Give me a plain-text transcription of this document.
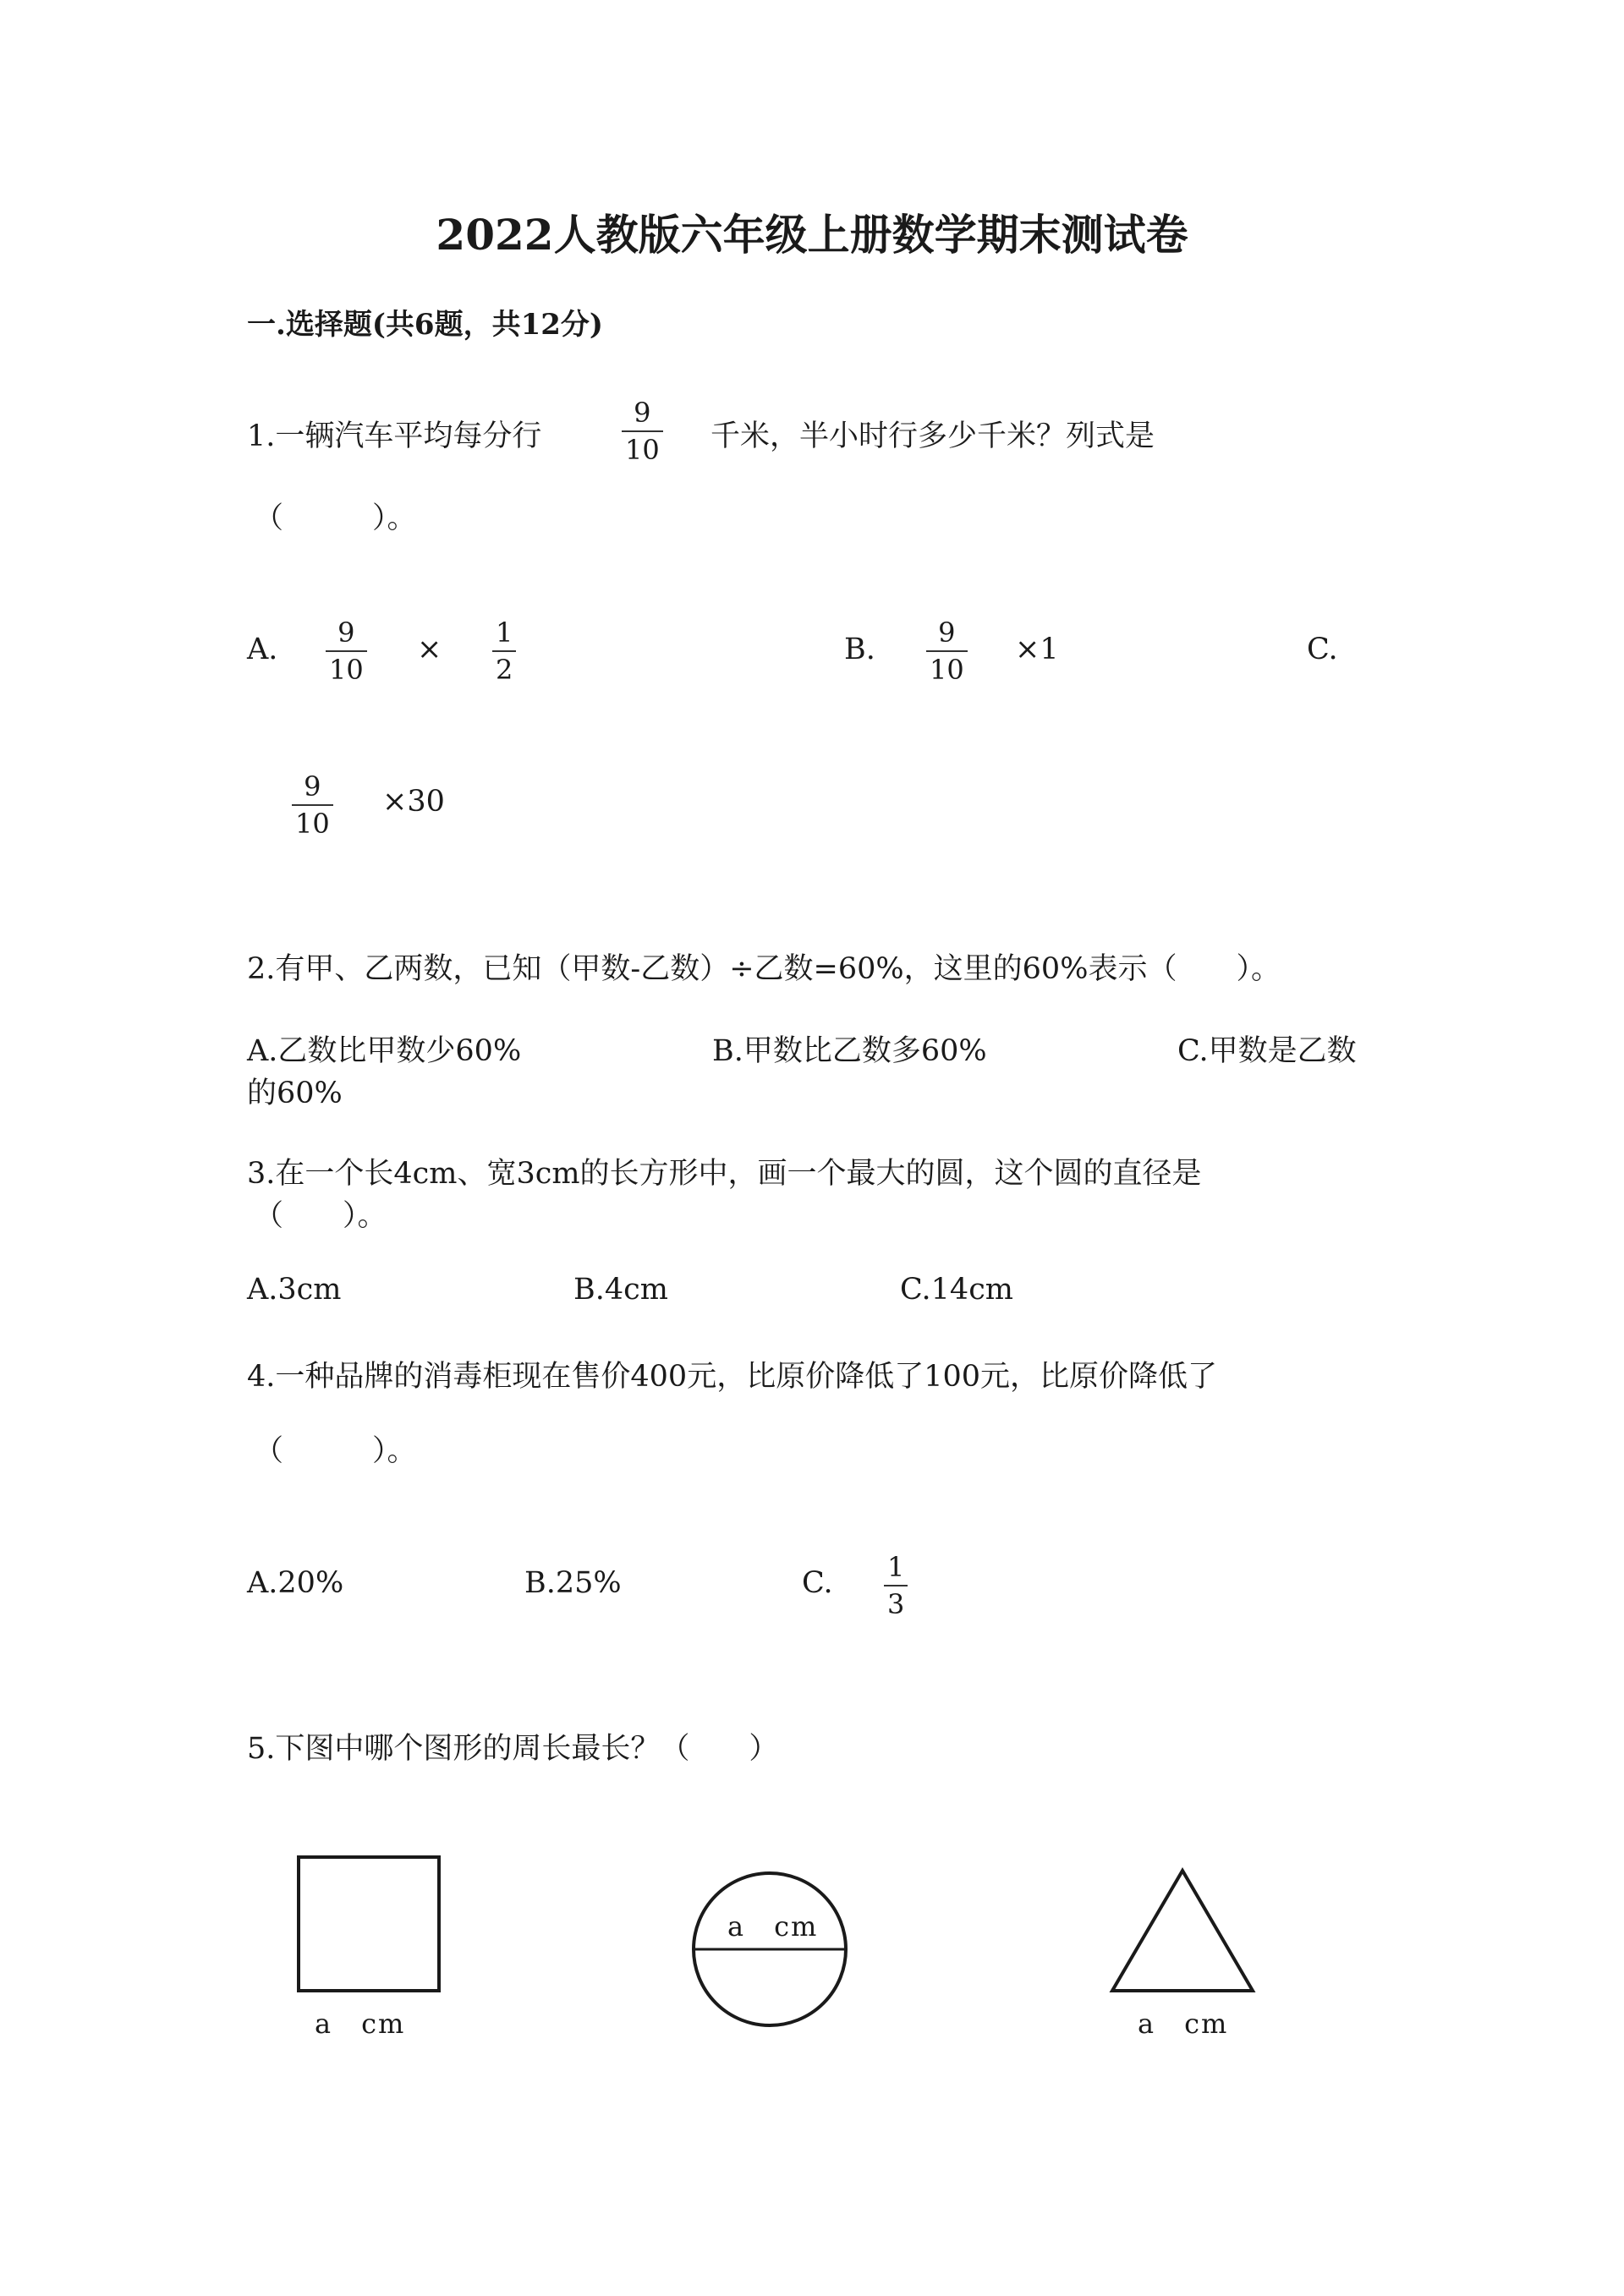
2022人教版六年级上册数学期末测试卷
一.选择题(共6题，共12分)
1.一辆汽车平均每分行
9
10 千米，半小时行多少千米？列式是
（　　　）。
A. 9
10
× 1
2
B. 9
10
×1	C.
9
10
×30
2.有甲、乙两数，已知（甲数-乙数）÷乙数=60%，这里的60%表示（　　）。
A.乙数比甲数少60%	B.甲数比乙数多60%	C.甲数是乙数
的60%
3.在一个长4cm、宽3cm的长方形中，画一个最大的圆，这个圆的直径是
（　　）。
A.3cm	B.4cm	C.14cm
4.一种品牌的消毒柜现在售价400元，比原价降低了100元，比原价降低了
（　　　）。
A.20%	B.25%	C. 1
3
5.下图中哪个图形的周长最长？（　　）
a　cm
a　cm
a　cm
